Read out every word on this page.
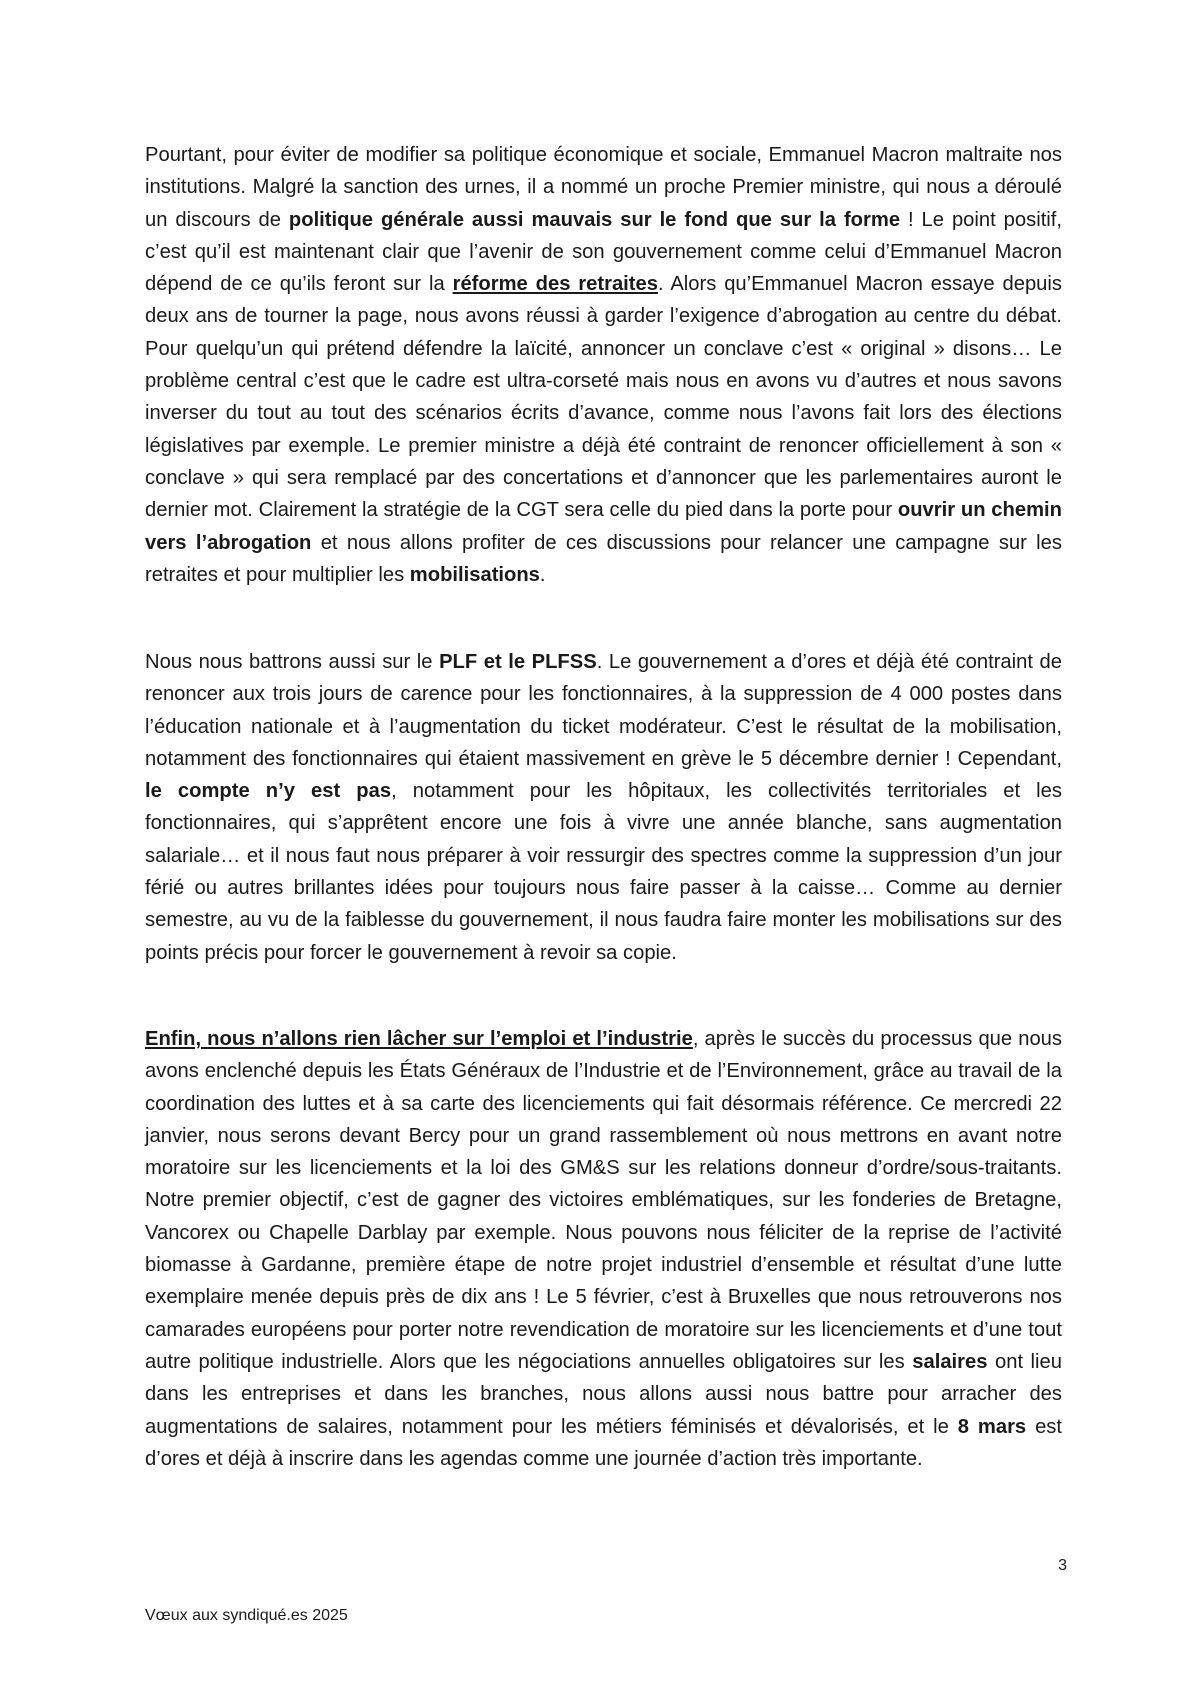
Pourtant, pour éviter de modifier sa politique économique et sociale, Emmanuel Macron maltraite nos institutions. Malgré la sanction des urnes, il a nommé un proche Premier ministre, qui nous a déroulé un discours de politique générale aussi mauvais sur le fond que sur la forme ! Le point positif, c’est qu’il est maintenant clair que l’avenir de son gouvernement comme celui d’Emmanuel Macron dépend de ce qu’ils feront sur la réforme des retraites. Alors qu’Emmanuel Macron essaye depuis deux ans de tourner la page, nous avons réussi à garder l’exigence d’abrogation au centre du débat. Pour quelqu’un qui prétend défendre la laïcité, annoncer un conclave c’est « original » disons… Le problème central c’est que le cadre est ultra-corseté mais nous en avons vu d’autres et nous savons inverser du tout au tout des scénarios écrits d’avance, comme nous l’avons fait lors des élections législatives par exemple. Le premier ministre a déjà été contraint de renoncer officiellement à son « conclave » qui sera remplacé par des concertations et d’annoncer que les parlementaires auront le dernier mot. Clairement la stratégie de la CGT sera celle du pied dans la porte pour ouvrir un chemin vers l’abrogation et nous allons profiter de ces discussions pour relancer une campagne sur les retraites et pour multiplier les mobilisations.

Nous nous battrons aussi sur le PLF et le PLFSS. Le gouvernement a d’ores et déjà été contraint de renoncer aux trois jours de carence pour les fonctionnaires, à la suppression de 4 000 postes dans l’éducation nationale et à l’augmentation du ticket modérateur. C’est le résultat de la mobilisation, notamment des fonctionnaires qui étaient massivement en grève le 5 décembre dernier ! Cependant, le compte n’y est pas, notamment pour les hôpitaux, les collectivités territoriales et les fonctionnaires, qui s’apprêtent encore une fois à vivre une année blanche, sans augmentation salariale… et il nous faut nous préparer à voir ressurgir des spectres comme la suppression d’un jour férié ou autres brillantes idées pour toujours nous faire passer à la caisse… Comme au dernier semestre, au vu de la faiblesse du gouvernement, il nous faudra faire monter les mobilisations sur des points précis pour forcer le gouvernement à revoir sa copie.

Enfin, nous n’allons rien lâcher sur l’emploi et l’industrie, après le succès du processus que nous avons enclenché depuis les États Généraux de l’Industrie et de l’Environnement, grâce au travail de la coordination des luttes et à sa carte des licenciements qui fait désormais référence. Ce mercredi 22 janvier, nous serons devant Bercy pour un grand rassemblement où nous mettrons en avant notre moratoire sur les licenciements et la loi des GM&S sur les relations donneur d’ordre/sous-traitants. Notre premier objectif, c’est de gagner des victoires emblématiques, sur les fonderies de Bretagne, Vancorex ou Chapelle Darblay par exemple. Nous pouvons nous féliciter de la reprise de l’activité biomasse à Gardanne, première étape de notre projet industriel d’ensemble et résultat d’une lutte exemplaire menée depuis près de dix ans ! Le 5 février, c’est à Bruxelles que nous retrouverons nos camarades européens pour porter notre revendication de moratoire sur les licenciements et d’une tout autre politique industrielle. Alors que les négociations annuelles obligatoires sur les salaires ont lieu dans les entreprises et dans les branches, nous allons aussi nous battre pour arracher des augmentations de salaires, notamment pour les métiers féminisés et dévalorisés, et le 8 mars est d’ores et déjà à inscrire dans les agendas comme une journée d’action très importante.

3
Vœux aux syndiqué.es 2025
